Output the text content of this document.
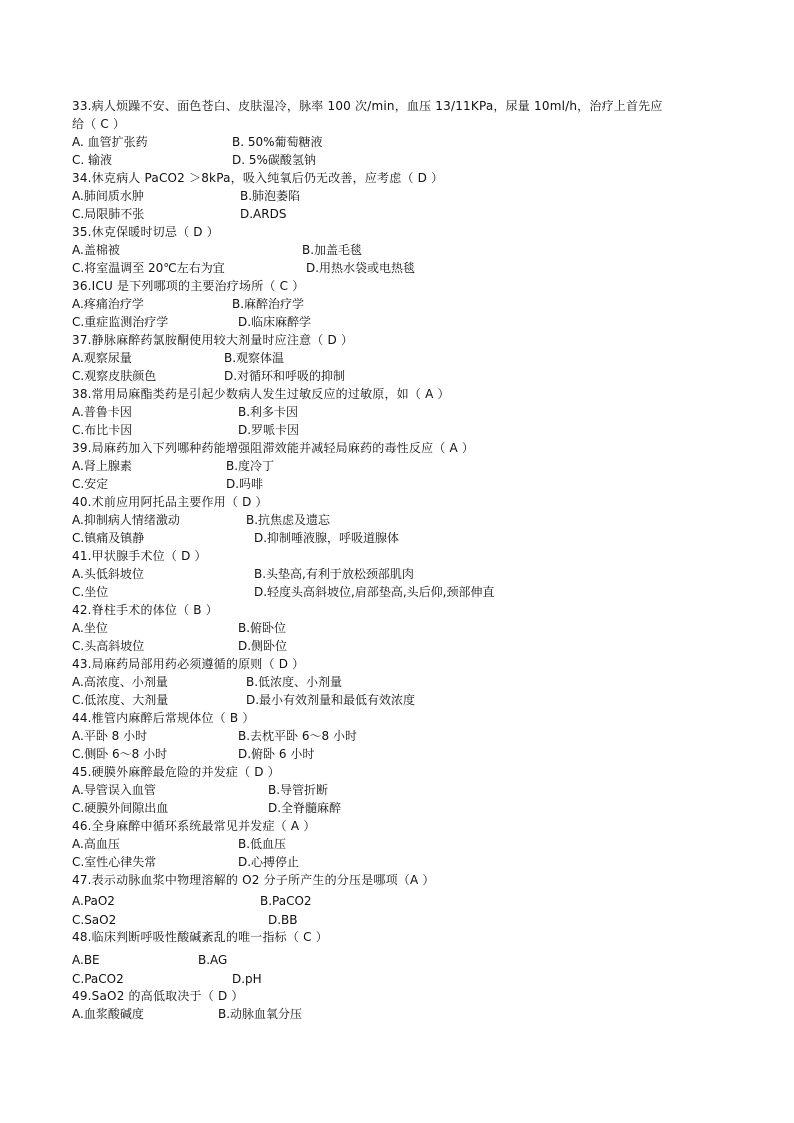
33.病人烦躁不安、面色苍白、皮肤湿冷，脉率 100 次/min，血压 13/11KPa，尿量 10ml/h，治疗上首先应
给（ C ）
A. 血管扩张药	B. 50%葡萄糖液
C. 输液	D. 5%碳酸氢钠
34.休克病人 PaCO2 ＞8kPa，吸入纯氧后仍无改善，应考虑（ D ）
A.肺间质水肿	B.肺泡萎陷
C.局限肺不张	D.ARDS
35.休克保暖时切忌（ D ）
A.盖棉被	B.加盖毛毯
C.将室温调至 20℃左右为宜	D.用热水袋或电热毯
36.ICU 是下列哪项的主要治疗场所（ C ）
A.疼痛治疗学	B.麻醉治疗学
C.重症监测治疗学	D.临床麻醉学
37.静脉麻醉药氯胺酮使用较大剂量时应注意（ D ）
A.观察尿量	B.观察体温
C.观察皮肤颜色	D.对循环和呼吸的抑制
38.常用局麻酯类药是引起少数病人发生过敏反应的过敏原，如（ A ）
A.普鲁卡因	B.利多卡因
C.布比卡因	D.罗哌卡因
39.局麻药加入下列哪种药能增强阻滞效能并减轻局麻药的毒性反应（ A ）
A.肾上腺素	B.度冷丁
C.安定	D.吗啡
40.术前应用阿托品主要作用（ D ）
A.抑制病人情绪激动	B.抗焦虑及遗忘
C.镇痛及镇静	D.抑制唾液腺，呼吸道腺体
41.甲状腺手术位（ D ）
A.头低斜坡位	B.头垫高,有利于放松颈部肌肉
C.坐位	D.轻度头高斜坡位,肩部垫高,头后仰,颈部伸直
42.脊柱手术的体位（ B ）
A.坐位	B.俯卧位
C.头高斜坡位	D.侧卧位
43.局麻药局部用药必须遵循的原则（ D ）
A.高浓度、小剂量	B.低浓度、小剂量
C.低浓度、大剂量	D.最小有效剂量和最低有效浓度
44.椎管内麻醉后常规体位（ B ）
A.平卧 8 小时	B.去枕平卧 6～8 小时
C.侧卧 6～8 小时	D.俯卧 6 小时
45.硬膜外麻醉最危险的并发症（ D ）
A.导管误入血管	B.导管折断
C.硬膜外间隙出血	D.全脊髓麻醉
46.全身麻醉中循环系统最常见并发症（ A ）
A.高血压	B.低血压
C.室性心律失常	D.心搏停止
47.表示动脉血浆中物理溶解的 O2 分子所产生的分压是哪项（A ）
A.PaO2	B.PaCO2
C.SaO2	D.BB
48.临床判断呼吸性酸碱紊乱的唯一指标（ C ）
A.BE	B.AG
C.PaCO2	D.pH
49.SaO2 的高低取决于（ D ）
A.血浆酸碱度	B.动脉血氧分压
